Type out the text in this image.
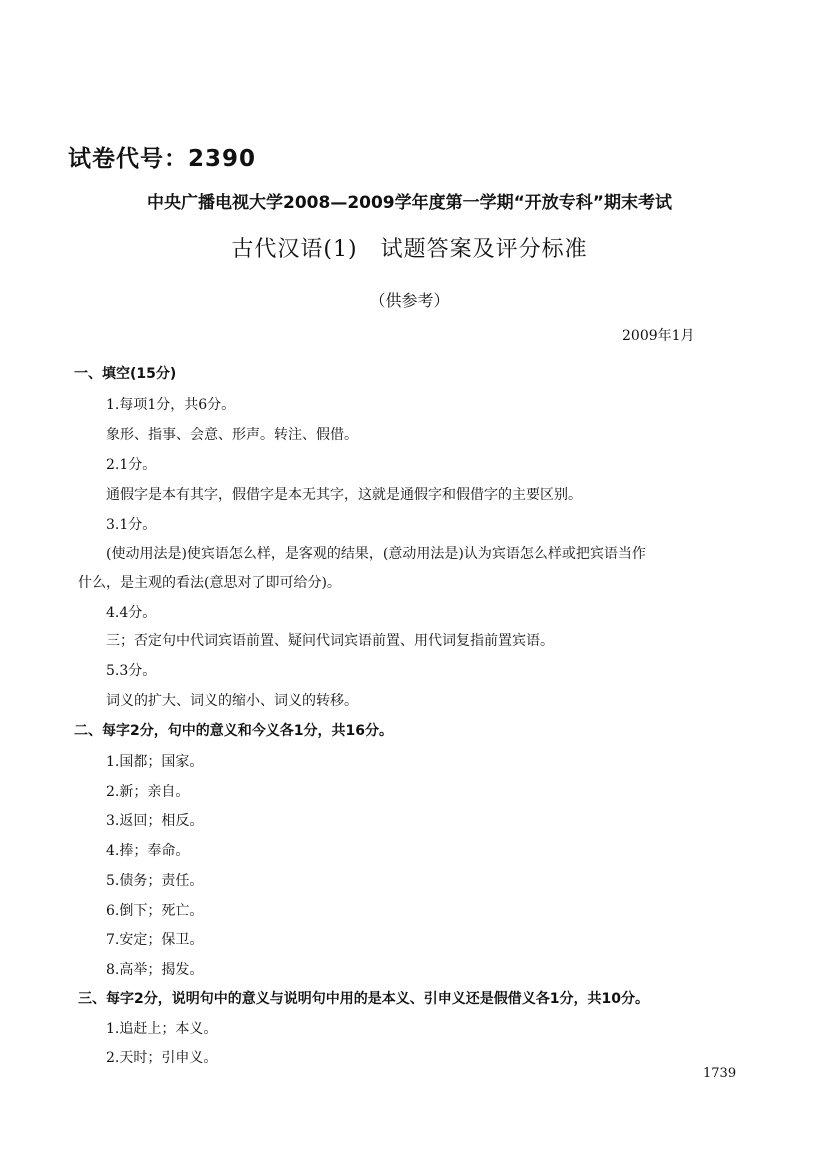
试卷代号：2390
中央广播电视大学2008—2009学年度第一学期“开放专科”期末考试
古代汉语(1)　试题答案及评分标准
（供参考）
2009年1月
一、填空(15分)
1.每项1分，共6分。
象形、指事、会意、形声。转注、假借。
2.1分。
通假字是本有其字，假借字是本无其字，这就是通假字和假借字的主要区别。
3.1分。
(使动用法是)使宾语怎么样，是客观的结果，(意动用法是)认为宾语怎么样或把宾语当作
什么，是主观的看法(意思对了即可给分)。
4.4分。
三；否定句中代词宾语前置、疑问代词宾语前置、用代词复指前置宾语。
5.3分。
词义的扩大、词义的缩小、词义的转移。
二、每字2分，句中的意义和今义各1分，共16分。
1.国都；国家。
2.新；亲自。
3.返回；相反。
4.捧；奉命。
5.债务；责任。
6.倒下；死亡。
7.安定；保卫。
8.高举；揭发。
三、每字2分，说明句中的意义与说明句中用的是本义、引申义还是假借义各1分，共10分。
1.追赶上；本义。
2.天时；引申义。
1739
